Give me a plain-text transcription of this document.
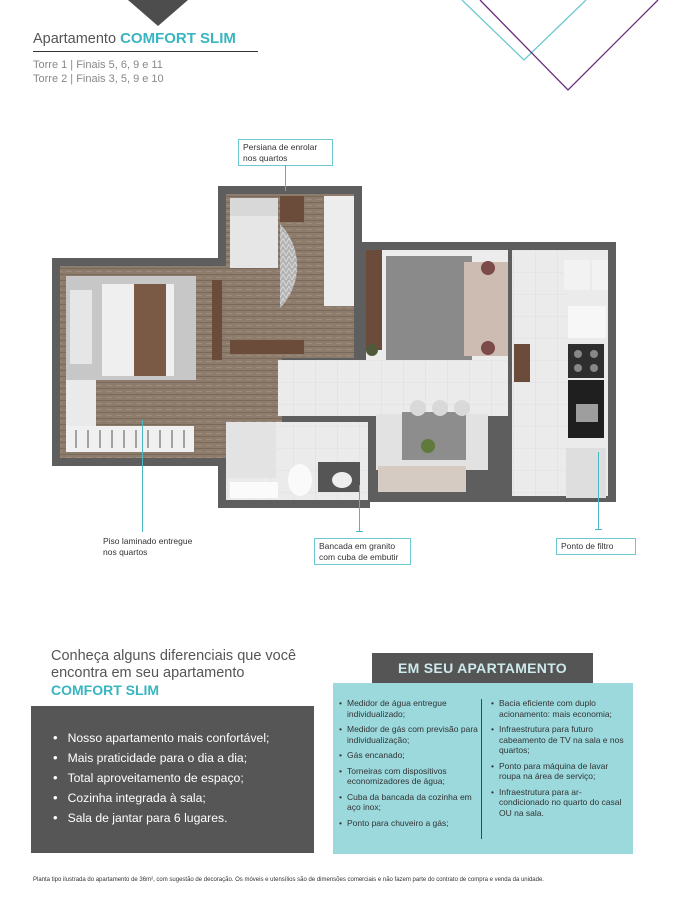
Apartamento COMFORT SLIM
Torre 1 | Finais 5, 6, 9 e 11
Torre 2 | Finais 3, 5, 9 e 10
Persiana de enrolar nos quartos
Piso laminado entregue nos quartos
Bancada em granito com cuba de embutir
Ponto de filtro
Conheça alguns diferenciais que você encontra em seu apartamento
COMFORT SLIM
• Nosso apartamento mais confortável;
• Mais praticidade para o dia a dia;
• Total aproveitamento de espaço;
• Cozinha integrada à sala;
• Sala de jantar para 6 lugares.
• Medidor de água entregue individualizado;
• Medidor de gás com previsão para individualização;
• Gás encanado;
• Torneiras com dispositivos economizadores de água;
• Cuba da bancada da cozinha em aço inox;
• Ponto para chuveiro a gás;
• Bacia eficiente com duplo acionamento: mais economia;
• Infraestrutura para futuro cabeamento de TV na sala e nos quartos;
• Ponto para máquina de lavar roupa na área de serviço;
• Infraestrutura para ar-condicionado no quarto do casal OU na sala.
EM SEU APARTAMENTO
Planta tipo ilustrada do apartamento de 36m², com sugestão de decoração. Os móveis e utensílios são de dimensões comerciais e não fazem parte do contrato de compra e venda da unidade.
